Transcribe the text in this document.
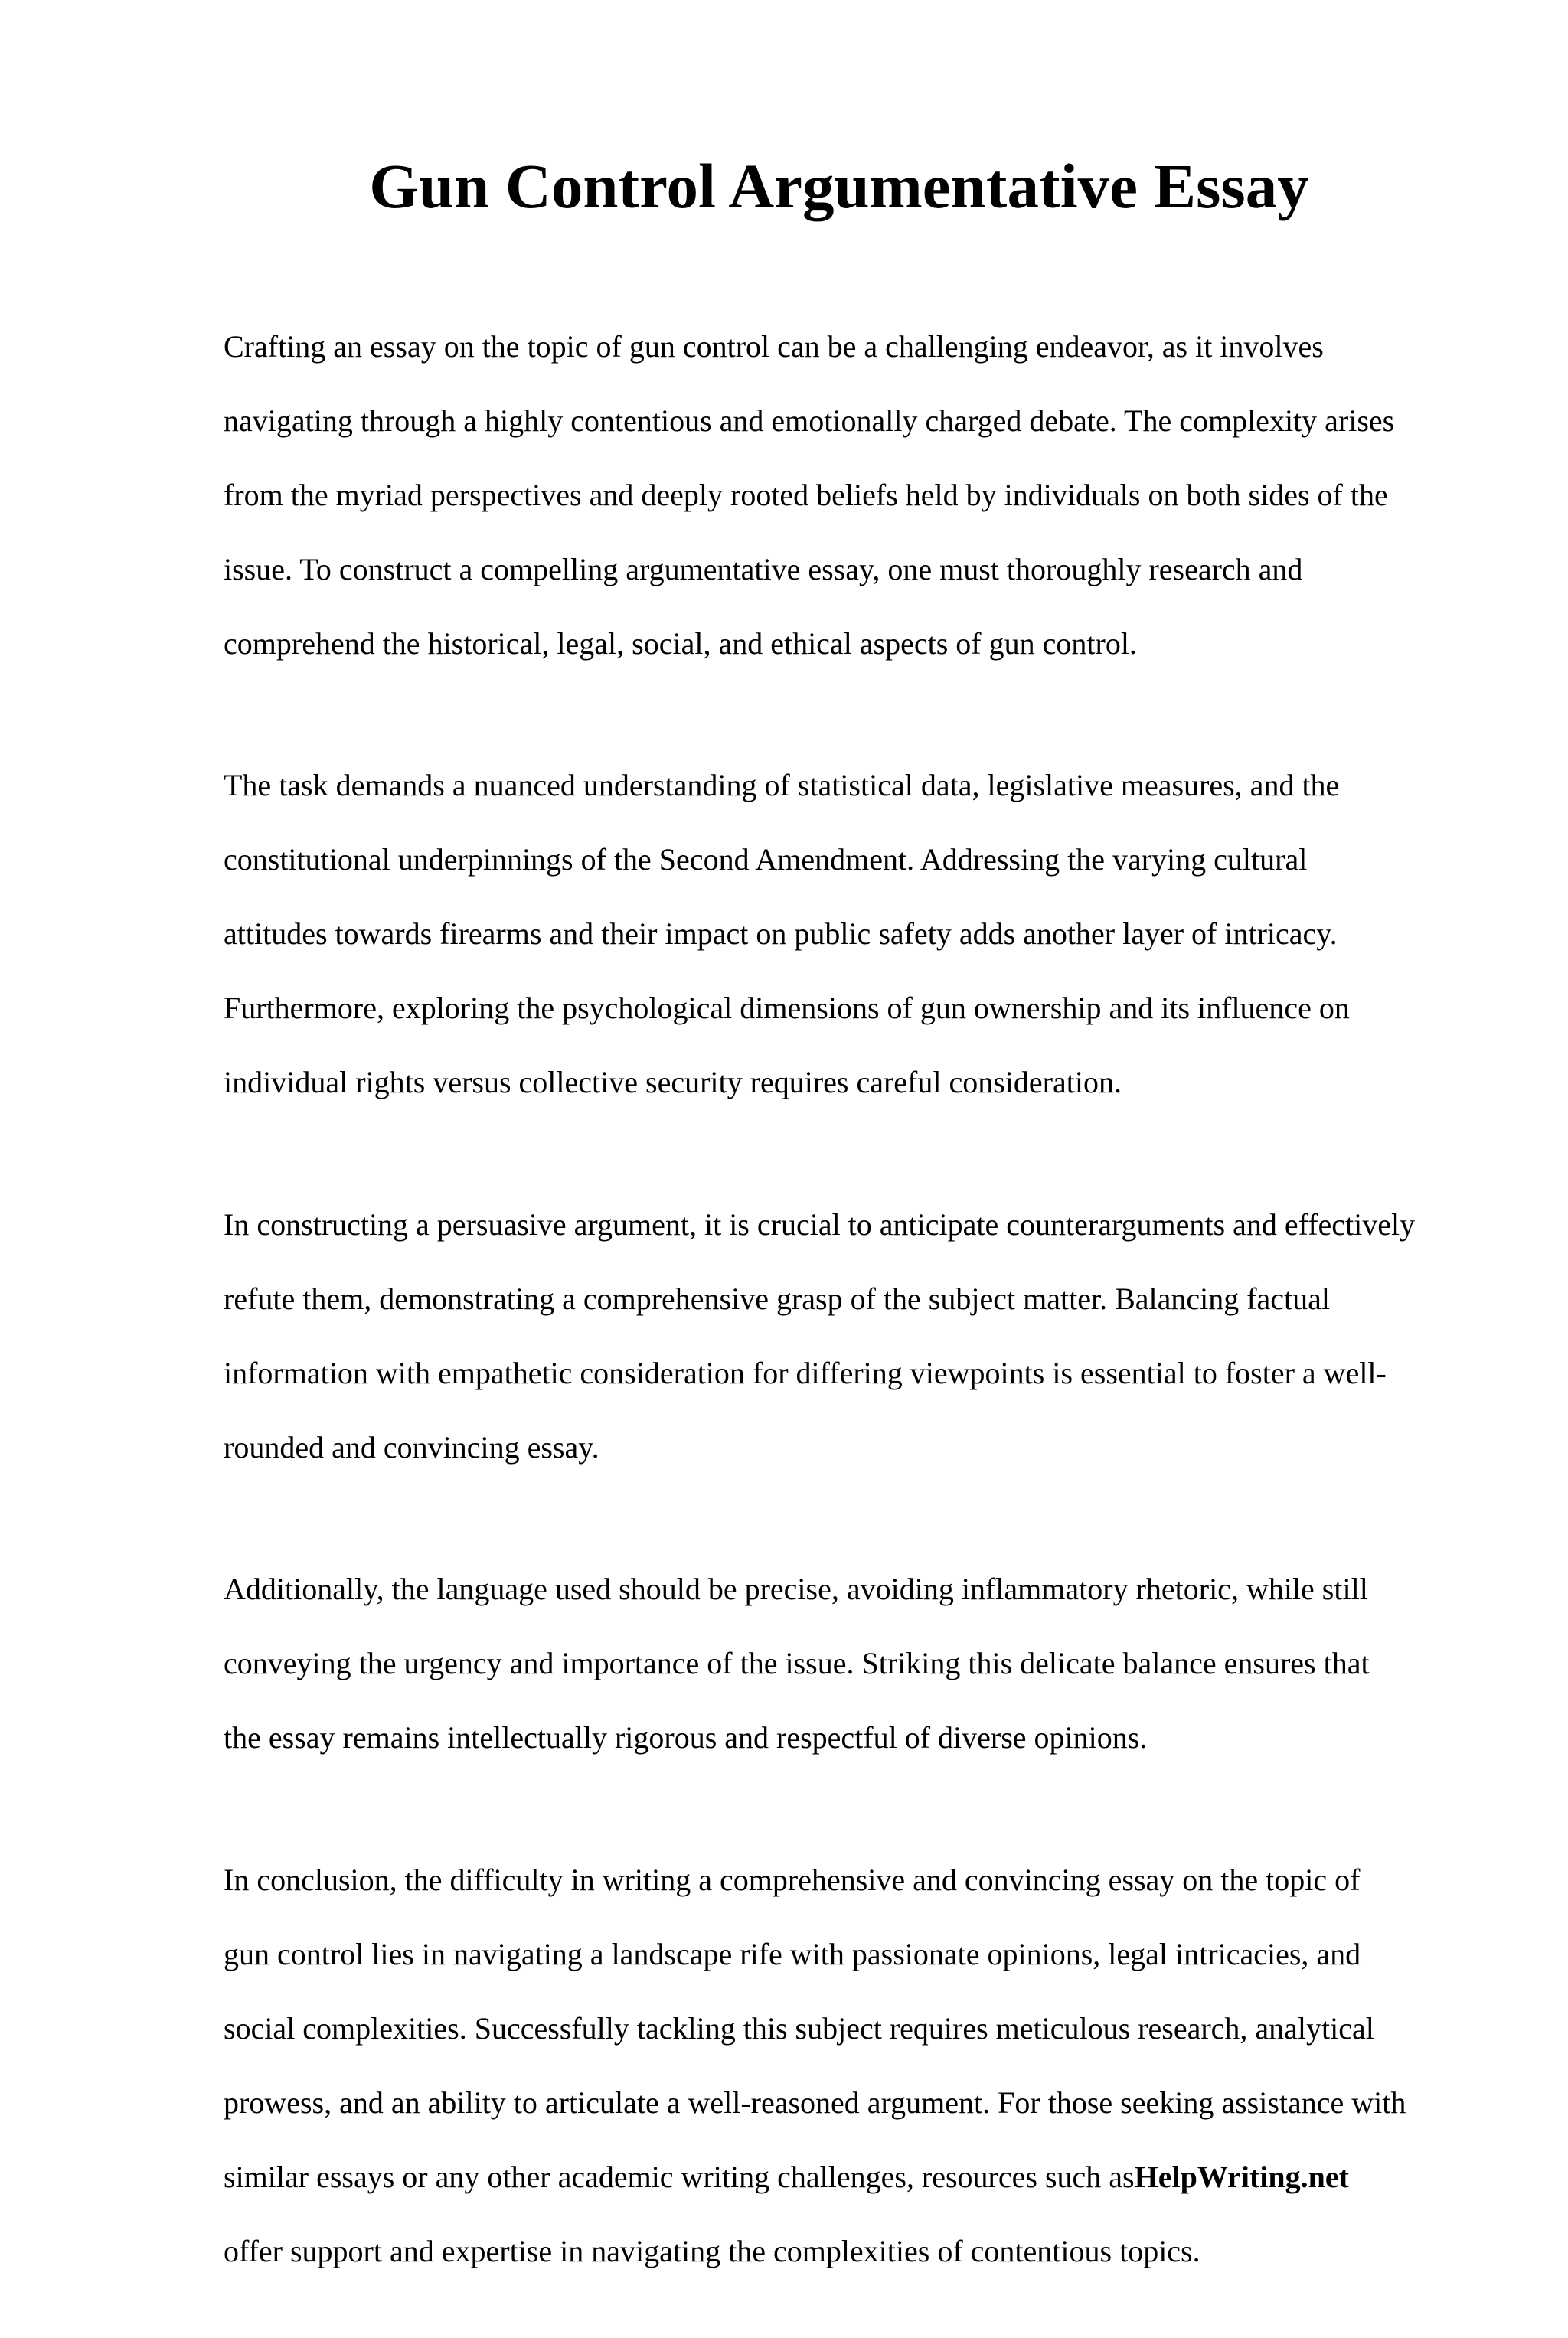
Gun Control Argumentative Essay

Crafting an essay on the topic of gun control can be a challenging endeavor, as it involves

navigating through a highly contentious and emotionally charged debate. The complexity arises

from the myriad perspectives and deeply rooted beliefs held by individuals on both sides of the

issue. To construct a compelling argumentative essay, one must thoroughly research and

comprehend the historical, legal, social, and ethical aspects of gun control.

The task demands a nuanced understanding of statistical data, legislative measures, and the

constitutional underpinnings of the Second Amendment. Addressing the varying cultural

attitudes towards firearms and their impact on public safety adds another layer of intricacy.

Furthermore, exploring the psychological dimensions of gun ownership and its influence on

individual rights versus collective security requires careful consideration.

In constructing a persuasive argument, it is crucial to anticipate counterarguments and effectively

refute them, demonstrating a comprehensive grasp of the subject matter. Balancing factual

information with empathetic consideration for differing viewpoints is essential to foster a well-

rounded and convincing essay.

Additionally, the language used should be precise, avoiding inflammatory rhetoric, while still

conveying the urgency and importance of the issue. Striking this delicate balance ensures that

the essay remains intellectually rigorous and respectful of diverse opinions.

In conclusion, the difficulty in writing a comprehensive and convincing essay on the topic of

gun control lies in navigating a landscape rife with passionate opinions, legal intricacies, and

social complexities. Successfully tackling this subject requires meticulous research, analytical

prowess, and an ability to articulate a well-reasoned argument. For those seeking assistance with

similar essays or any other academic writing challenges, resources such asHelpWriting.net

offer support and expertise in navigating the complexities of contentious topics.
